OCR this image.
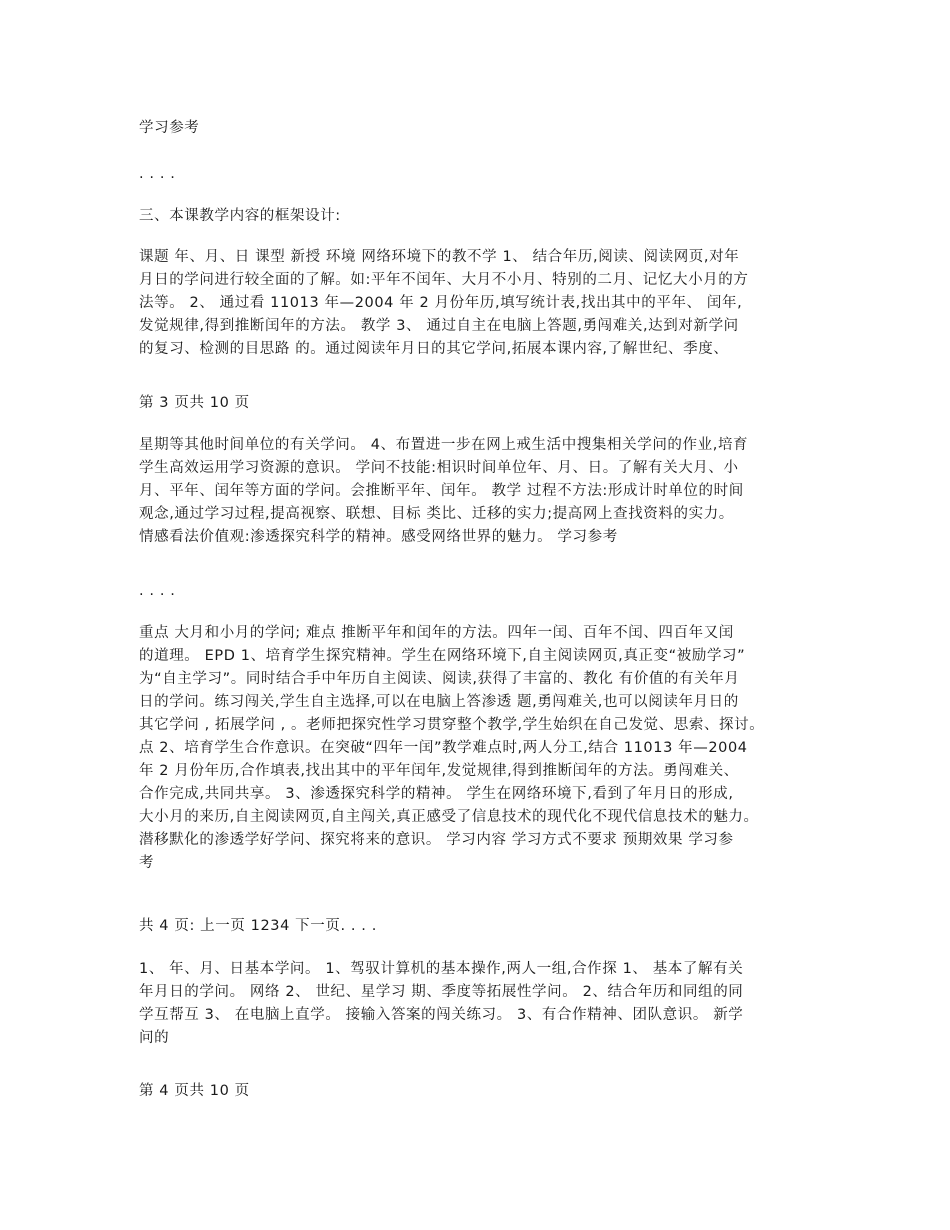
学习参考

. . . .

三、本课教学内容的框架设计:

课题 年、月、日 课型 新授 环境 网络环境下的教不学 1、 结合年历,阅读、阅读网页,对年
月日的学问进行较全面的了解。如:平年不闰年、大月不小月、特别的二月、记忆大小月的方
法等。 2、 通过看 11013 年—2004 年 2 月份年历,填写统计表,找出其中的平年、 闰年,
发觉规律,得到推断闰年的方法。 教学 3、 通过自主在电脑上答题,勇闯难关,达到对新学问
的复习、检测的目思路 的。通过阅读年月日的其它学问,拓展本课内容,了解世纪、季度、

第 3 页共 10 页

星期等其他时间单位的有关学问。 4、布置进一步在网上戒生活中搜集相关学问的作业,培育
学生高效运用学习资源的意识。 学问不技能:相识时间单位年、月、日。了解有关大月、小
月、平年、闰年等方面的学问。会推断平年、闰年。 教学 过程不方法:形成计时单位的时间
观念,通过学习过程,提高视察、联想、目标 类比、迁移的实力;提高网上查找资料的实力。
情感看法价值观:渗透探究科学的精神。感受网络世界的魅力。 学习参考

. . . .

重点 大月和小月的学问; 难点 推断平年和闰年的方法。四年一闰、百年不闰、四百年又闰
的道理。 EPD 1、培育学生探究精神。学生在网络环境下,自主阅读网页,真正变“被励学习”
为“自主学习”。同时结合手中年历自主阅读、阅读,获得了丰富的、教化 有价值的有关年月
日的学问。练习闯关,学生自主选择,可以在电脑上答渗透 题,勇闯难关,也可以阅读年月日的
其它学问 , 拓展学问 , 。老师把探究性学习贯穿整个教学,学生始织在自己发觉、思索、探讨。
点 2、培育学生合作意识。在突破“四年一闰”教学难点时,两人分工,结合 11013 年—2004
年 2 月份年历,合作填表,找出其中的平年闰年,发觉规律,得到推断闰年的方法。勇闯难关、
合作完成,共同共享。 3、渗透探究科学的精神。 学生在网络环境下,看到了年月日的形成,
大小月的来历,自主阅读网页,自主闯关,真正感受了信息技术的现代化不现代信息技术的魅力。
潜移默化的渗透学好学问、探究将来的意识。 学习内容 学习方式不要求 预期效果 学习参
考

共 4 页: 上一页 1234 下一页. . . .

1、 年、月、日基本学问。 1、驾驭计算机的基本操作,两人一组,合作探 1、 基本了解有关
年月日的学问。 网络 2、 世纪、星学习 期、季度等拓展性学问。 2、结合年历和同组的同
学互帮互 3、 在电脑上直学。 接输入答案的闯关练习。 3、有合作精神、团队意识。 新学
问的

第 4 页共 10 页
